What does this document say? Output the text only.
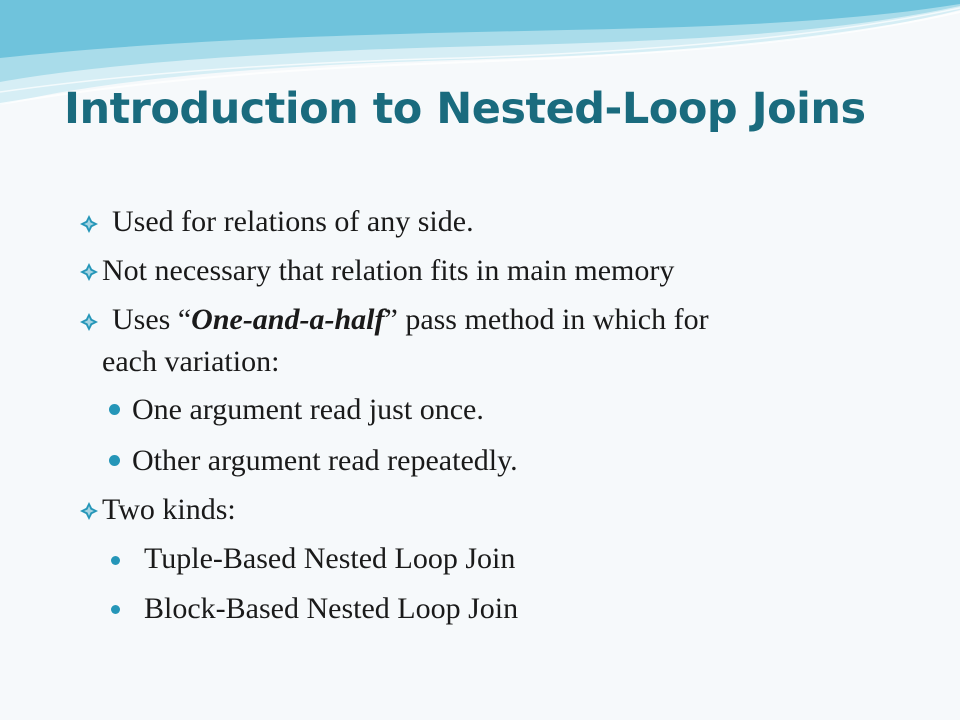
Introduction to Nested-Loop Joins
Used for relations of any side.
Not necessary that relation fits in main memory
Uses “One-and-a-half” pass method in which for
each variation:
One argument read just once.
Other argument read repeatedly.
Two kinds:
Tuple-Based Nested Loop Join
Block-Based Nested Loop Join
